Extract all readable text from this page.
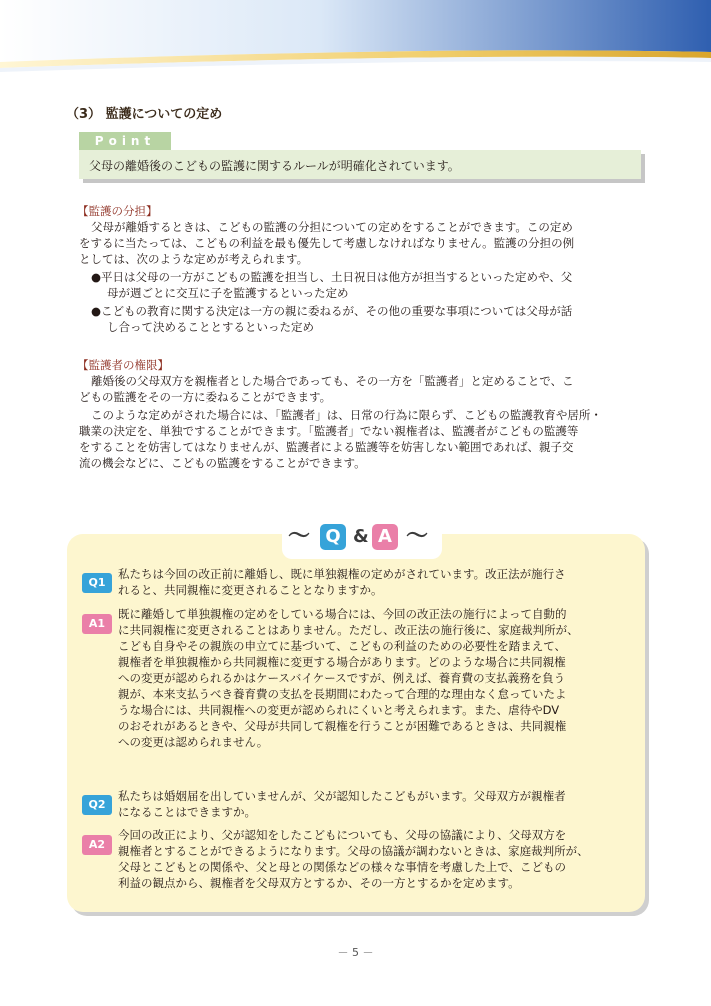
（3） 監護についての定め
Point
父母の離婚後のこどもの監護に関するルールが明確化されています。
【監護の分担】
父母が離婚するときは、こどもの監護の分担についての定めをすることができます。この定め
をするに当たっては、こどもの利益を最も優先して考慮しなければなりません。監護の分担の例
としては、次のような定めが考えられます。
●平日は父母の一方がこどもの監護を担当し、土日祝日は他方が担当するといった定めや、父
母が週ごとに交互に子を監護するといった定め
●こどもの教育に関する決定は一方の親に委ねるが、その他の重要な事項については父母が話
し合って決めることとするといった定め
【監護者の権限】
離婚後の父母双方を親権者とした場合であっても、その一方を「監護者」と定めることで、こ
どもの監護をその一方に委ねることができます。
このような定めがされた場合には、「監護者」は、日常の行為に限らず、こどもの監護教育や居所・
職業の決定を、単独ですることができます。「監護者」でない親権者は、監護者がこどもの監護等
をすることを妨害してはなりませんが、監護者による監護等を妨害しない範囲であれば、親子交
流の機会などに、こどもの監護をすることができます。
～ Q & A ～
Q1
私たちは今回の改正前に離婚し、既に単独親権の定めがされています。改正法が施行さ
れると、共同親権に変更されることとなりますか。
A1
既に離婚して単独親権の定めをしている場合には、今回の改正法の施行によって自動的
に共同親権に変更されることはありません。ただし、改正法の施行後に、家庭裁判所が、
こども自身やその親族の申立てに基づいて、こどもの利益のための必要性を踏まえて、
親権者を単独親権から共同親権に変更する場合があります。どのような場合に共同親権
への変更が認められるかはケースバイケースですが、例えば、養育費の支払義務を負う
親が、本来支払うべき養育費の支払を長期間にわたって合理的な理由なく怠っていたよ
うな場合には、共同親権への変更が認められにくいと考えられます。また、虐待やDV
のおそれがあるときや、父母が共同して親権を行うことが困難であるときは、共同親権
への変更は認められません。
Q2
私たちは婚姻届を出していませんが、父が認知したこどもがいます。父母双方が親権者
になることはできますか。
A2
今回の改正により、父が認知をしたこどもについても、父母の協議により、父母双方を
親権者とすることができるようになります。父母の協議が調わないときは、家庭裁判所が、
父母とこどもとの関係や、父と母との関係などの様々な事情を考慮した上で、こどもの
利益の観点から、親権者を父母双方とするか、その一方とするかを定めます。
－ 5 －
